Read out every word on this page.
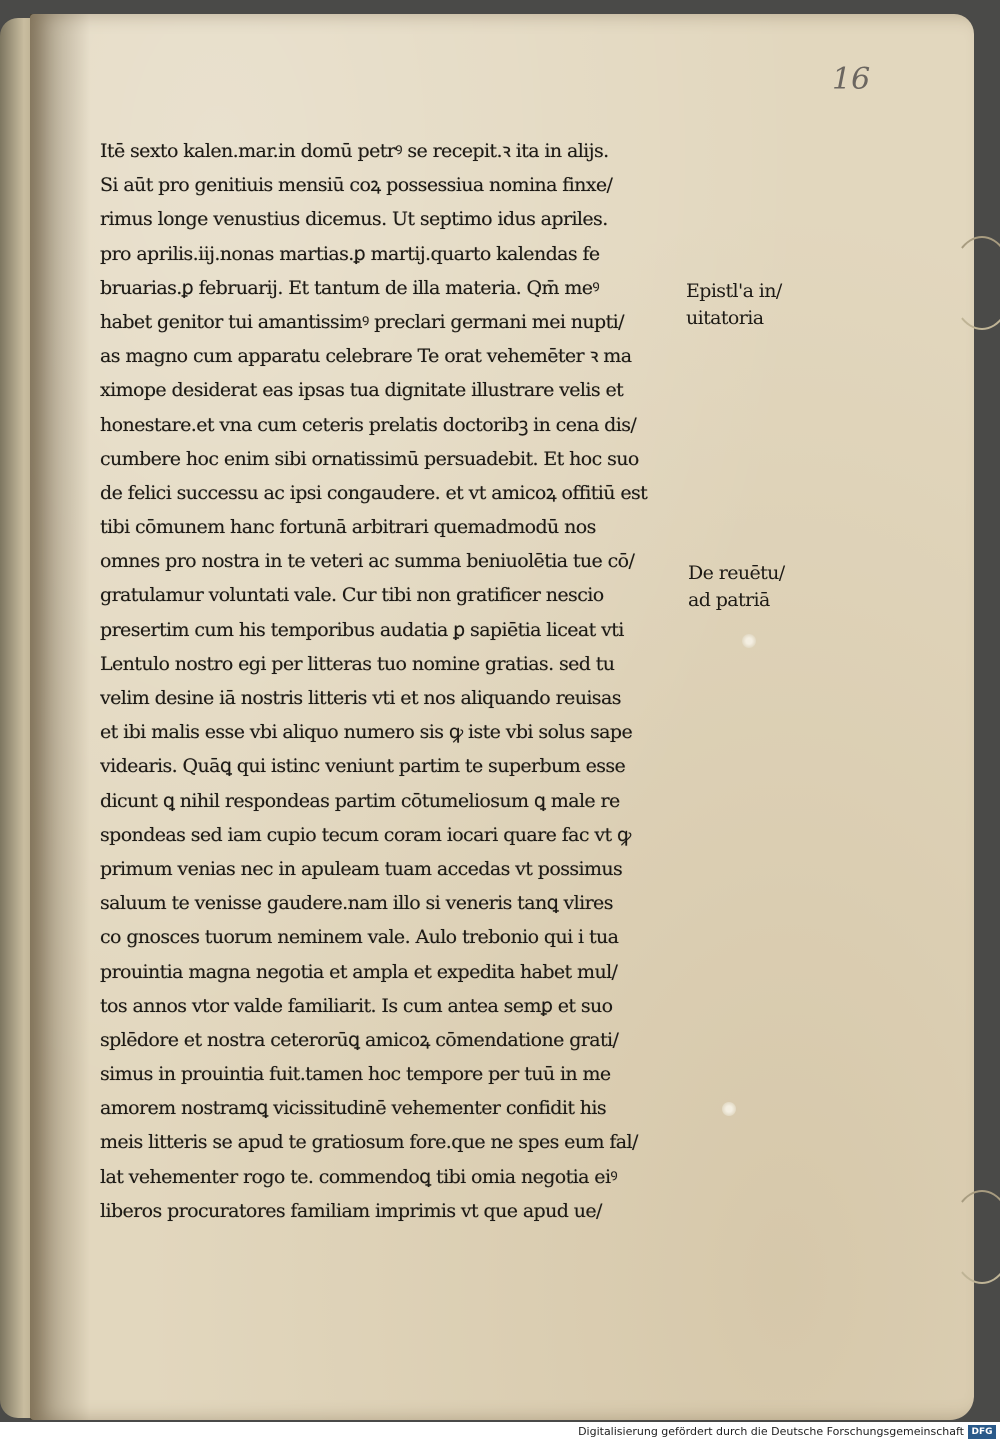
16
Itē sexto kalen.mar.in domū petrꝰ se recepit.ꝛ ita in alijs.
Si aūt pro genitiuis mensiū coꝝ possessiua nomina finxe/
rimus longe venustius dicemus. Ut septimo idus apriles.
pro aprilis.iij.nonas martias.ꝑ martij.quarto kalendas fe
bruarias.ꝑ februarij. Et tantum de illa materia. Qm̄ meꝰ
habet genitor tui amantissimꝰ preclari germani mei nupti/
as magno cum apparatu celebrare Te orat vehemēter ꝛ ma
ximope desiderat eas ipsas tua dignitate illustrare velis et
honestare.et vna cum ceteris prelatis doctoribꝫ in cena dis/
cumbere hoc enim sibi ornatissimū persuadebit. Et hoc suo
de felici successu ac ipsi congaudere. et vt amicoꝝ offitiū est
tibi cōmunem hanc fortunā arbitrari quemadmodū nos
omnes pro nostra in te veteri ac summa beniuolētia tue cō/
gratulamur voluntati vale. Cur tibi non gratificer nescio
presertim cum his temporibus audatia ꝑ sapiētia liceat vti
Lentulo nostro egi per litteras tuo nomine gratias. sed tu
velim desine iā nostris litteris vti et nos aliquando reuisas
et ibi malis esse vbi aliquo numero sis ꝙ iste vbi solus sape
videaris. Quāꝗ qui istinc veniunt partim te superbum esse
dicunt ꝗ nihil respondeas partim cōtumeliosum ꝗ male re
spondeas sed iam cupio tecum coram iocari quare fac vt ꝙ
primum venias nec in apuleam tuam accedas vt possimus
saluum te venisse gaudere.nam illo si veneris tanꝗ vlires
co gnosces tuorum neminem vale. Aulo trebonio qui i tua
prouintia magna negotia et ampla et expedita habet mul/
tos annos vtor valde familiarit. Is cum antea semꝑ et suo
splēdore et nostra ceterorūꝗ amicoꝝ cōmendatione grati/
simus in prouintia fuit.tamen hoc tempore per tuū in me
amorem nostramꝗ vicissitudinē vehementer confidit his
meis litteris se apud te gratiosum fore.que ne spes eum fal/
lat vehementer rogo te. commendoꝗ tibi omia negotia eiꝰ
liberos procuratores familiam imprimis vt que apud ue/
Epistl'a in/
uitatoria
De reuētu/
ad patriā
Digitalisierung gefördert durch die Deutsche Forschungsgemeinschaft DFG
